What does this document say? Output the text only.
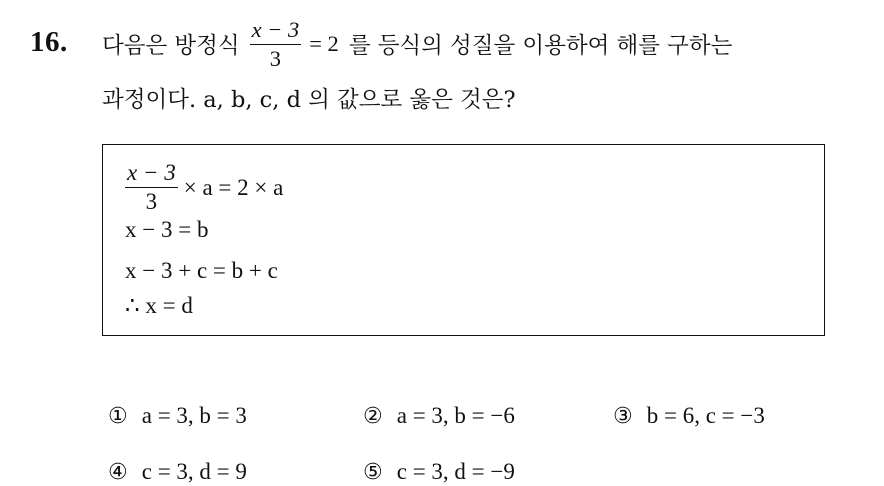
16. 다음은 방정식 $\frac{x - 3}{3} = 2$ 를 등식의 성질을 이용하여 해를 구하는
과정이다. a, b, c, d 의 값으로 옳은 것은?
$\frac{x - 3}{3} \times a = 2 \times a$
x − 3 = b
x − 3 + c = b + c
∴ x = d
① a = 3, b = 3	② a = 3, b = −6	③ b = 6, c = −3
④ c = 3, d = 9	⑤ c = 3, d = −9
